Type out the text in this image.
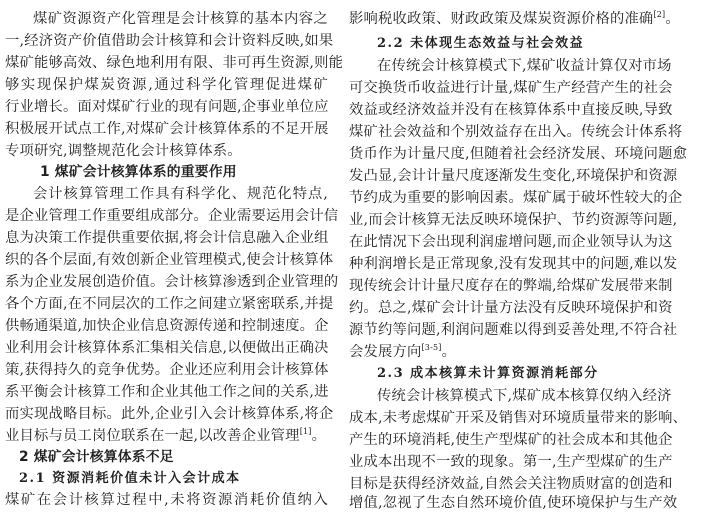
煤矿资源资产化管理是会计核算的基本内容之
一,经济资产价值借助会计核算和会计资料反映,如果
煤矿能够高效、绿色地利用有限、非可再生资源,则能
够实现保护煤炭资源,通过科学化管理促进煤矿
行业增长。面对煤矿行业的现有问题,企事业单位应
积极展开试点工作,对煤矿会计核算体系的不足开展
专项研究,调整规范化会计核算体系。
1 煤矿会计核算体系的重要作用
会计核算管理工作具有科学化、规范化特点,
是企业管理工作重要组成部分。企业需要运用会计信
息为决策工作提供重要依据,将会计信息融入企业组
织的各个层面,有效创新企业管理模式,使会计核算体
系为企业发展创造价值。会计核算渗透到企业管理的
各个方面,在不同层次的工作之间建立紧密联系,并提
供畅通渠道,加快企业信息资源传递和控制速度。企
业利用会计核算体系汇集相关信息,以便做出正确决
策,获得持久的竞争优势。企业还应利用会计核算体
系平衡会计核算工作和企业其他工作之间的关系,进
而实现战略目标。此外,企业引入会计核算体系,将企
业目标与员工岗位联系在一起,以改善企业管理[1]。
2 煤矿会计核算体系不足
2.1 资源消耗价值未计入会计成本
煤矿在会计核算过程中,未将资源消耗价值纳入
影响税收政策、财政政策及煤炭资源价格的准确[2]。
2.2 未体现生态效益与社会效益
在传统会计核算模式下,煤矿收益计算仅对市场
可交换货币收益进行计量,煤矿生产经营产生的社会
效益或经济效益并没有在核算体系中直接反映,导致
煤矿社会效益和个别效益存在出入。传统会计体系将
货币作为计量尺度,但随着社会经济发展、环境问题愈
发凸显,会计计量尺度逐渐发生变化,环境保护和资源
节约成为重要的影响因素。煤矿属于破坏性较大的企
业,而会计核算无法反映环境保护、节约资源等问题,
在此情况下会出现利润虚增问题,而企业领导认为这
种利润增长是正常现象,没有发现其中的问题,难以发
现传统会计计量尺度存在的弊端,给煤矿发展带来制
约。总之,煤矿会计计量方法没有反映环境保护和资
源节约等问题,利润问题难以得到妥善处理,不符合社
会发展方向[3-5]。
2.3 成本核算未计算资源消耗部分
传统会计核算模式下,煤矿成本核算仅纳入经济
成本,未考虑煤矿开采及销售对环境质量带来的影响、
产生的环境消耗,使生产型煤矿的社会成本和其他企
业成本出现不一致的现象。第一,生产型煤矿的生产
目标是获得经济效益,自然会关注物质财富的创造和
增值,忽视了生态自然环境价值,使环境保护与生产效
